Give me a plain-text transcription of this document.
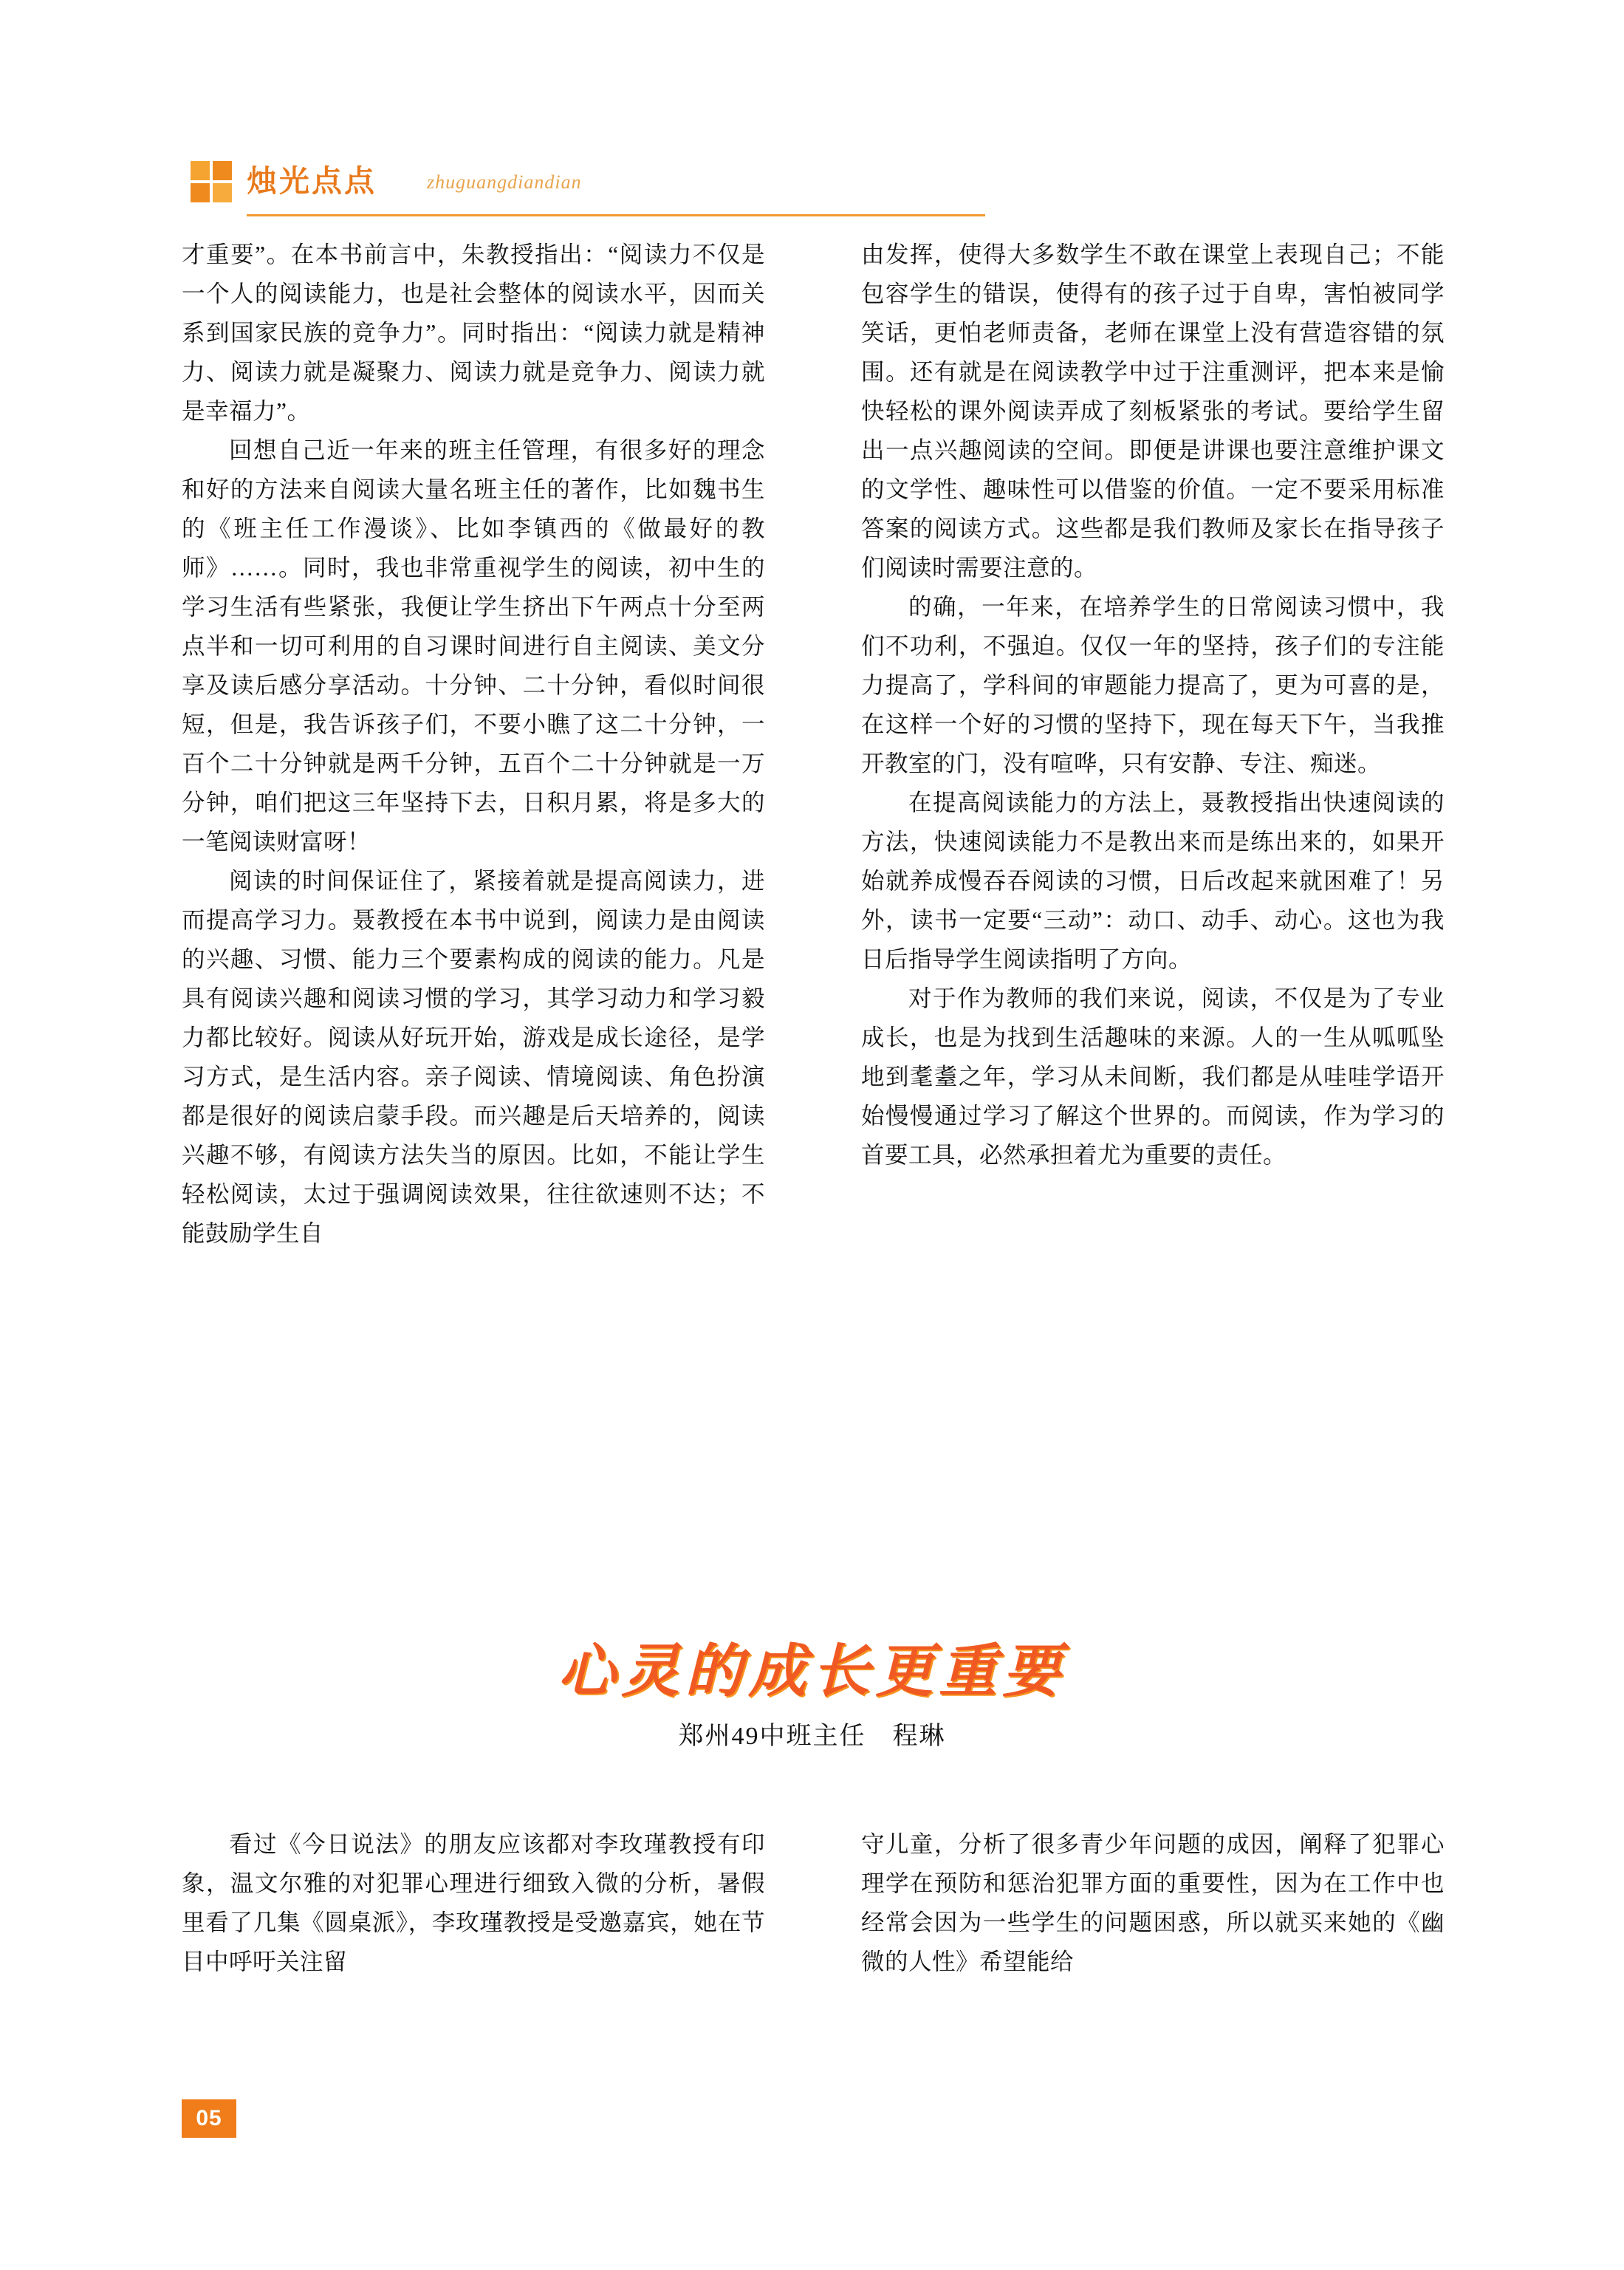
烛光点点	zhuguangdiandian

才重要”。在本书前言中，朱教授指出：“阅读力不仅是一个人的阅读能力，也是社会整体的阅读水平，因而关系到国家民族的竞争力”。同时指出：“阅读力就是精神力、阅读力就是凝聚力、阅读力就是竞争力、阅读力就是幸福力”。

回想自己近一年来的班主任管理，有很多好的理念和好的方法来自阅读大量名班主任的著作，比如魏书生的《班主任工作漫谈》、比如李镇西的《做最好的教师》……。同时，我也非常重视学生的阅读，初中生的学习生活有些紧张，我便让学生挤出下午两点十分至两点半和一切可利用的自习课时间进行自主阅读、美文分享及读后感分享活动。十分钟、二十分钟，看似时间很短，但是，我告诉孩子们，不要小瞧了这二十分钟，一百个二十分钟就是两千分钟，五百个二十分钟就是一万分钟，咱们把这三年坚持下去，日积月累，将是多大的一笔阅读财富呀！

阅读的时间保证住了，紧接着就是提高阅读力，进而提高学习力。聂教授在本书中说到，阅读力是由阅读的兴趣、习惯、能力三个要素构成的阅读的能力。凡是具有阅读兴趣和阅读习惯的学习，其学习动力和学习毅力都比较好。阅读从好玩开始，游戏是成长途径，是学习方式，是生活内容。亲子阅读、情境阅读、角色扮演都是很好的阅读启蒙手段。而兴趣是后天培养的，阅读兴趣不够，有阅读方法失当的原因。比如，不能让学生轻松阅读，太过于强调阅读效果，往往欲速则不达；不能鼓励学生自

由发挥，使得大多数学生不敢在课堂上表现自己；不能包容学生的错误，使得有的孩子过于自卑，害怕被同学笑话，更怕老师责备，老师在课堂上没有营造容错的氛围。还有就是在阅读教学中过于注重测评，把本来是愉快轻松的课外阅读弄成了刻板紧张的考试。要给学生留出一点兴趣阅读的空间。即便是讲课也要注意维护课文的文学性、趣味性可以借鉴的价值。一定不要采用标准答案的阅读方式。这些都是我们教师及家长在指导孩子们阅读时需要注意的。

的确，一年来，在培养学生的日常阅读习惯中，我们不功利，不强迫。仅仅一年的坚持，孩子们的专注能力提高了，学科间的审题能力提高了，更为可喜的是，在这样一个好的习惯的坚持下，现在每天下午，当我推开教室的门，没有喧哗，只有安静、专注、痴迷。

在提高阅读能力的方法上，聂教授指出快速阅读的方法，快速阅读能力不是教出来而是练出来的，如果开始就养成慢吞吞阅读的习惯，日后改起来就困难了！另外，读书一定要“三动”：动口、动手、动心。这也为我日后指导学生阅读指明了方向。

对于作为教师的我们来说，阅读，不仅是为了专业成长，也是为找到生活趣味的来源。人的一生从呱呱坠地到耄耋之年，学习从未间断，我们都是从哇哇学语开始慢慢通过学习了解这个世界的。而阅读，作为学习的首要工具，必然承担着尤为重要的责任。

心灵的成长更重要
郑州49中班主任　程琳

看过《今日说法》的朋友应该都对李玫瑾教授有印象，温文尔雅的对犯罪心理进行细致入微的分析，暑假里看了几集《圆桌派》，李玫瑾教授是受邀嘉宾，她在节目中呼吁关注留

守儿童，分析了很多青少年问题的成因，阐释了犯罪心理学在预防和惩治犯罪方面的重要性，因为在工作中也经常会因为一些学生的问题困惑，所以就买来她的《幽微的人性》希望能给

05
